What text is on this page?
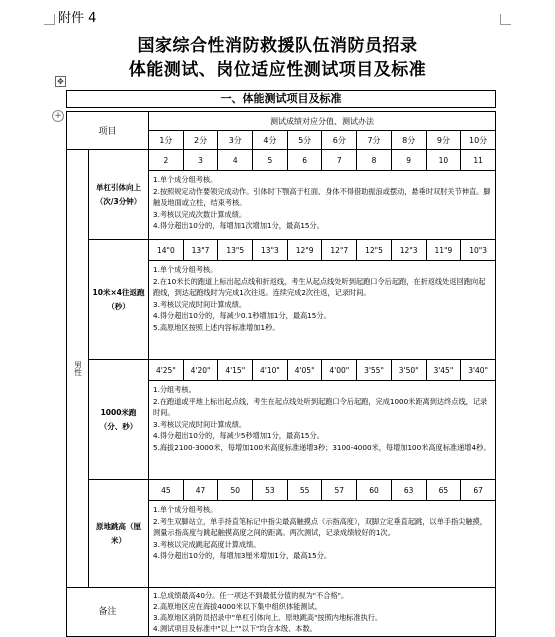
附件 4
国家综合性消防救援队伍消防员招录
体能测试、岗位适应性测试项目及标准
✥
+
一、体能测试项目及标准
项目		测试成绩对应分值、测试办法									
		1分	2分	3分	4分	5分	6分	7分	8分	9分	10分
男性	单杠引体向上（次/3分钟）	2	3	4	5	6	7	8	9	10	11

		1.单个成分组考核。
2.按照规定动作要领完成动作。引体时下颚高于杠面、身体不得借助振浪或摆动，悬垂时双肘关节伸直。脚触及地面或立柱，结束考核。
3.考核以完成次数计算成绩。
4.得分超出10分的，每增加1次增加1分，最高15分。									

	10米×4往返跑（秒）	14"0	13"7	13"5	13"3	12"9	12"7	12"5	12"3	11"9	10"3

		1.单个成分组考核。
2.在10米长的跑道上标出起点线和折返线，考生从起点线处听到起跑口令后起跑，在折返线处返回跑向起跑线，到达起跑线时为完成1次往返。连续完成2次往返，记录时间。
3.考核以完成时间计算成绩。
4.得分超出10分的，每减少0.1秒增加1分，最高15分。
5.高原地区按照上述内容标准增加1秒。									

	1000米跑（分、秒）	4'25"	4'20"	4'15"	4'10"	4'05"	4'00"	3'55"	3'50"	3'45"	3'40"

		1.分组考核。
2.在跑道或平地上标出起点线，考生在起点线处听到起跑口令后起跑，完成1000米距离到达终点线，记录时间。
3.考核以完成时间计算成绩。
4.得分超出10分的，每减少5秒增加1分，最高15分。
5.海拔2100-3000米，每增加100米高度标准递增3秒；3100-4000米，每增加100米高度标准递增4秒。									

	原地跳高（厘米）	45	47	50	53	55	57	60	63	65	67

		1.单个成分组考核。
2.考生双脚站立，单手持直笔标记中指尖最高触摸点（示指高度），双脚立定垂直起跳，以单手指尖触摸，测量示指高度与跳起触摸高度之间的距离。两次测试，记录成绩较好的1次。
3.考核以完成跳起高度计算成绩。
4.得分超出10分的，每增加3厘米增加1分，最高15分。									

备注		1.总成绩最高40分。任一项达不到最低分值的视为"不合格"。
2.高原地区应在海拔4000米以下集中组织体能测试。
3.高原地区消防员招录中"单杠引体向上、原地跳高"按照内地标准执行。
4.测试项目及标准中"以上""以下"均含本级、本数。									
